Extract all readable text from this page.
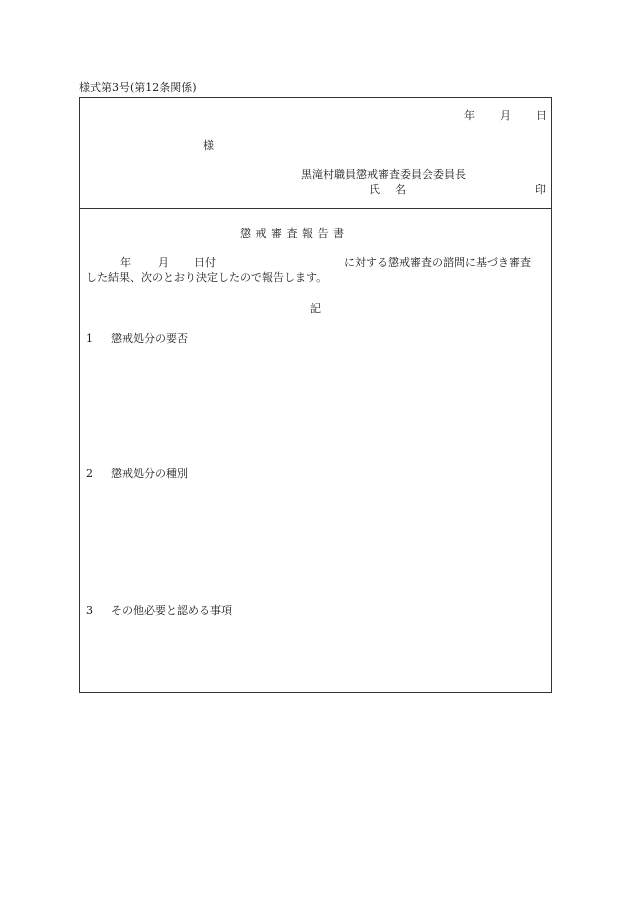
様式第3号(第12条関係)
年 月 日
様
黒滝村職員懲戒審査委員会委員長
氏 名	印
懲 戒 審 査 報 告 書
年 月 日付	に対する懲戒審査の諮問に基づき審査
した結果、次のとおり決定したので報告します。
記
1 懲戒処分の要否
2 懲戒処分の種別
3 その他必要と認める事項
